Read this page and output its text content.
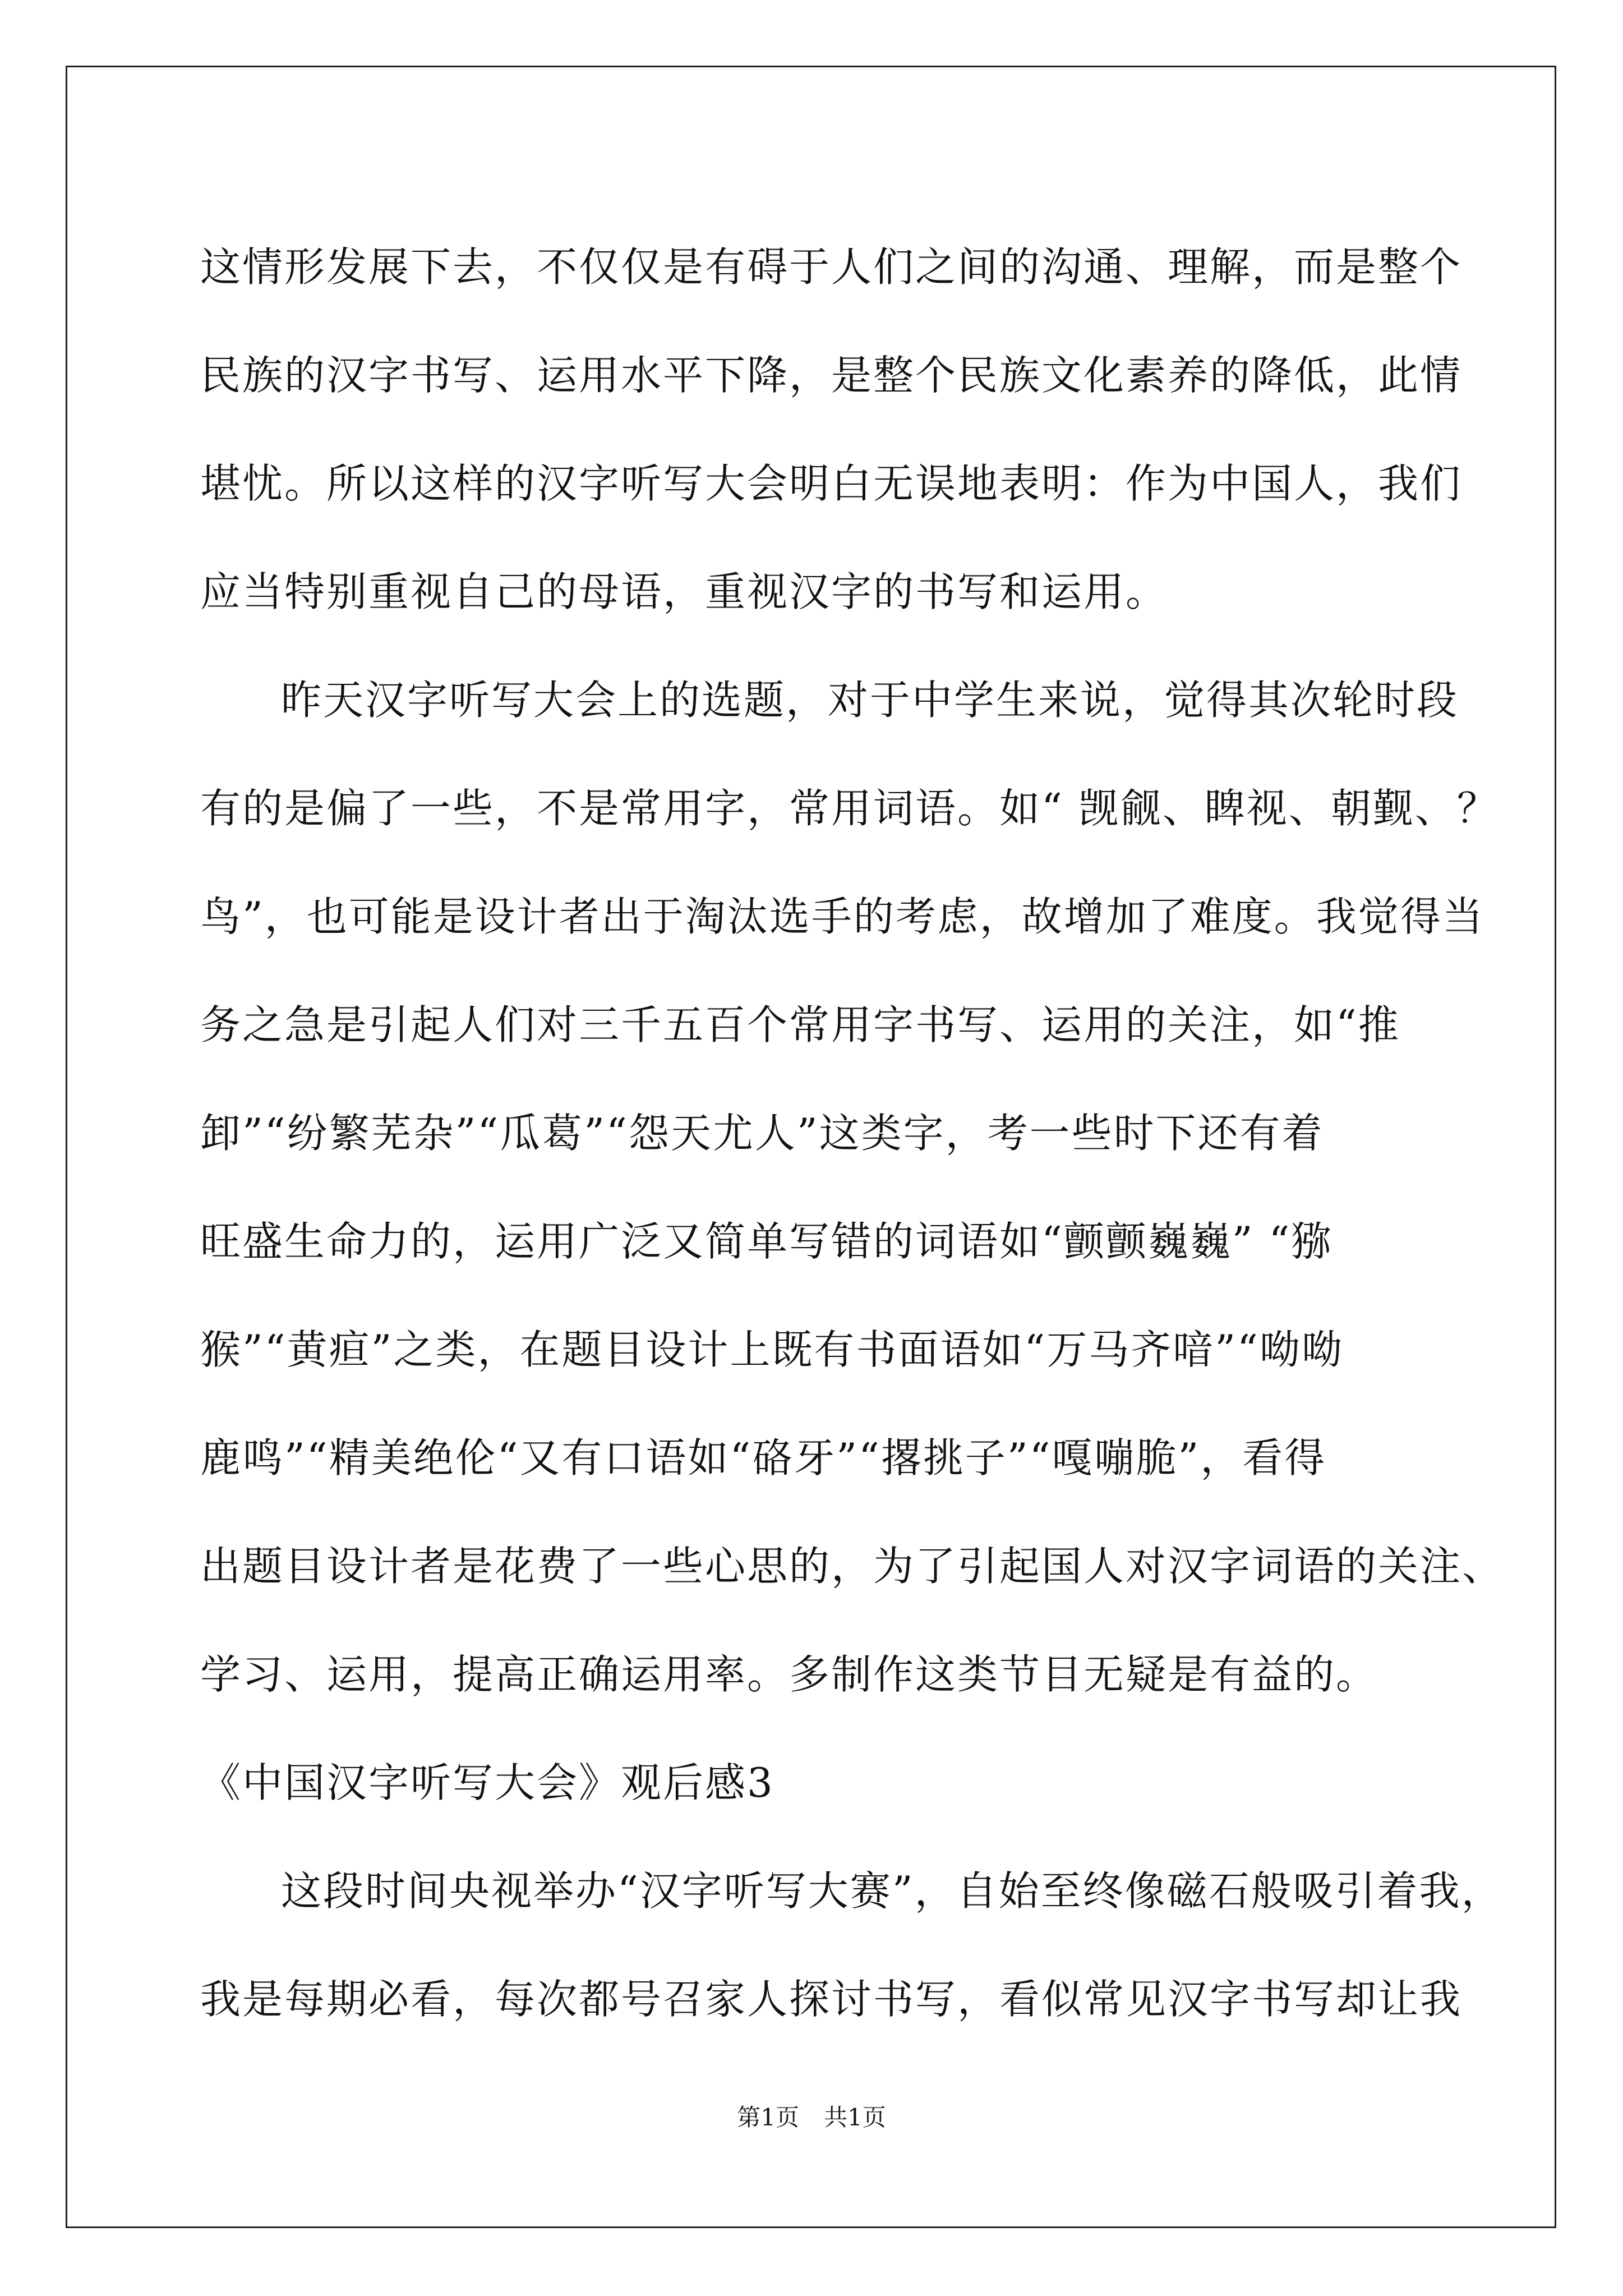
这情形发展下去，不仅仅是有碍于人们之间的沟通、理解，而是整个
民族的汉字书写、运用水平下降，是整个民族文化素养的降低，此情
堪忧。所以这样的汉字听写大会明白无误地表明：作为中国人，我们
应当特别重视自己的母语，重视汉字的书写和运用。
昨天汉字听写大会上的选题，对于中学生来说，觉得其次轮时段
有的是偏了一些，不是常用字，常用词语。如“ 觊觎、睥视、朝觐、？
鸟”，也可能是设计者出于淘汰选手的考虑，故增加了难度。我觉得当
务之急是引起人们对三千五百个常用字书写、运用的关注，如“推
卸”“纷繁芜杂”“瓜葛”“怨天尤人”这类字，考一些时下还有着
旺盛生命力的，运用广泛又简单写错的词语如“颤颤巍巍” “猕
猴”“黄疸”之类，在题目设计上既有书面语如“万马齐喑”“呦呦
鹿鸣”“精美绝伦“又有口语如“硌牙”“撂挑子”“嘎嘣脆”，看得
出题目设计者是花费了一些心思的，为了引起国人对汉字词语的关注、
学习、运用，提高正确运用率。多制作这类节目无疑是有益的。
《中国汉字听写大会》观后感3
这段时间央视举办“汉字听写大赛”，自始至终像磁石般吸引着我，
我是每期必看，每次都号召家人探讨书写，看似常见汉字书写却让我
第1页 共1页
